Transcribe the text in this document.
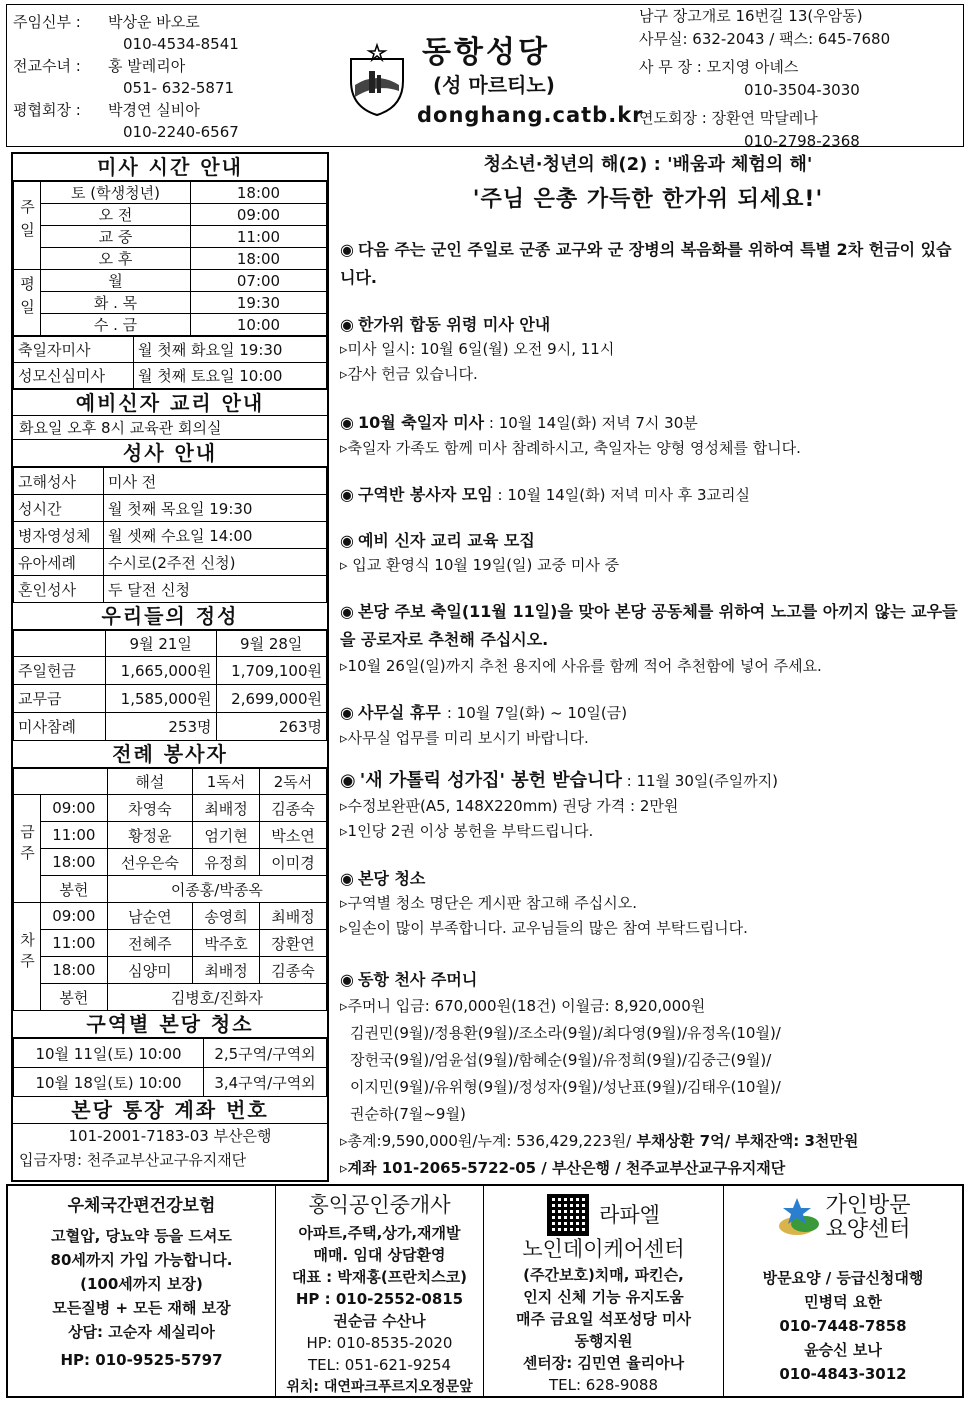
주임신부 :	박상운 바오로
010-4534-8541
전교수녀 :	홍 발레리아
051- 632-5871
평협회장 :	박경연 실비아
010-2240-6567
동항성당
(성 마르티노)
donghang.catb.kr
남구 장고개로 16번길 13(우암동)
사무실: 632-2043 / 팩스: 645-7680
사 무 장 : 모지영 아녜스
010-3504-3030
연도회장 : 장환연 막달레나
010-2798-2368
미사 시간 안내
주일	토 (학생청년)	18:00
	오 전	09:00
	교 중	11:00
	오 후	18:00
평일	월	07:00
	화 . 목	19:30
	수 . 금	10:00
축일자미사	월 첫째 화요일 19:30
성모신심미사	월 첫째 토요일 10:00
예비신자 교리 안내
화요일 오후 8시 교육관 회의실
성사 안내
고해성사	미사 전
성시간	월 첫째 목요일 19:30
병자영성체	월 셋째 수요일 14:00
유아세례	수시로(2주전 신청)
혼인성사	두 달전 신청
우리들의 정성
	9월 21일	9월 28일
주일헌금	1,665,000원	1,709,100원
교무금	1,585,000원	2,699,000원
미사참례	253명	263명
전례 봉사자
		해설	1독서	2독서
금주	09:00	차영숙	최배정	김종숙
	11:00	황정윤	엄기현	박소연
	18:00	선우은숙	유정희	이미경
	봉헌	이종홍/박종옥		
차주	09:00	남순연	송영희	최배정
	11:00	전혜주	박주호	장환연
	18:00	심양미	최배정	김종숙
	봉헌	김병호/진화자		
구역별 본당 청소
10월 11일(토) 10:00	2,5구역/구역외
10월 18일(토) 10:00	3,4구역/구역외
본당 통장 계좌 번호
101-2001-7183-03 부산은행
입금자명: 천주교부산교구유지재단
청소년·청년의 해(2) : '배움과 체험의 해'
'주님 은총 가득한 한가위 되세요!'
◉ 다음 주는 군인 주일로 군종 교구와 군 장병의 복음화를 위하여 특별 2차 헌금이 있습니다.
◉ 한가위 합동 위령 미사 안내
▹미사 일시: 10월 6일(월) 오전 9시, 11시
▹감사 헌금 있습니다.
◉ 10월 축일자 미사 : 10월 14일(화) 저녁 7시 30분
▹축일자 가족도 함께 미사 참례하시고, 축일자는 양형 영성체를 합니다.
◉ 구역반 봉사자 모임 : 10월 14일(화) 저녁 미사 후 3교리실
◉ 예비 신자 교리 교육 모집
▹ 입교 환영식 10월 19일(일) 교중 미사 중
◉ 본당 주보 축일(11월 11일)을 맞아 본당 공동체를 위하여 노고를 아끼지 않는 교우들을 공로자로 추천해 주십시오.
▹10월 26일(일)까지 추천 용지에 사유를 함께 적어 추천함에 넣어 주세요.
◉ 사무실 휴무 : 10월 7일(화) ~ 10일(금)
▹사무실 업무를 미리 보시기 바랍니다.
◉ '새 가톨릭 성가집' 봉헌 받습니다 : 11월 30일(주일까지)
▹수정보완판(A5, 148X220mm) 권당 가격 : 2만원
▹1인당 2권 이상 봉헌을 부탁드립니다.
◉ 본당 청소
▹구역별 청소 명단은 게시판 참고해 주십시오.
▹일손이 많이 부족합니다. 교우님들의 많은 참여 부탁드립니다.
◉ 동항 천사 주머니
▹주머니 입금: 670,000원(18건) 이월금: 8,920,000원
김권민(9월)/정용환(9월)/조소라(9월)/최다영(9월)/유정옥(10월)/
장헌국(9월)/엄윤섭(9월)/함혜순(9월)/유정희(9월)/김중근(9월)/
이지민(9월)/유위형(9월)/정성자(9월)/성난표(9월)/김태우(10월)/
권순하(7월~9월)
▹총계:9,590,000원/누계: 536,429,223원/ 부채상환 7억/ 부채잔액: 3천만원
▹계좌 101-2065-5722-05 / 부산은행 / 천주교부산교구유지재단
우체국간편건강보험
고혈압, 당뇨약 등을 드셔도
80세까지 가입 가능합니다.
(100세까지 보장)
모든질병 + 모든 재해 보장
상담: 고순자 세실리아
HP: 010-9525-5797
홍익공인중개사
아파트,주택,상가,재개발
매매. 임대 상담환영
대표 : 박재홍(프란치스코)
HP : 010-2552-0815
권순금 수산나
HP: 010-8535-2020
TEL: 051-621-9254
위치: 대연파크푸르지오정문앞
라파엘
노인데이케어센터
(주간보호)치매, 파킨슨,
인지 신체 기능 유지도움
매주 금요일 석포성당 미사
동행지원
센터장: 김민연 율리아나
TEL: 628-9088
가인방문
요양센터
방문요양 / 등급신청대행
민병덕 요한
010-7448-7858
윤승신 보나
010-4843-3012
